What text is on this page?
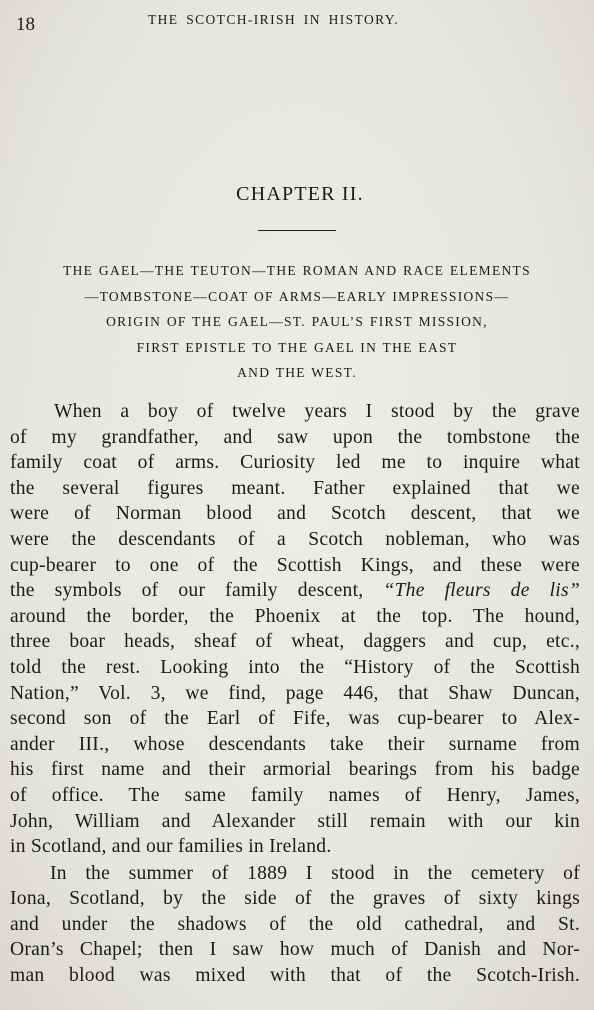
18	THE SCOTCH-IRISH IN HISTORY.
CHAPTER II.
THE GAEL—THE TEUTON—THE ROMAN AND RACE ELEMENTS
—TOMBSTONE—COAT OF ARMS—EARLY IMPRESSIONS—
ORIGIN OF THE GAEL—ST. PAUL’S FIRST MISSION,
FIRST EPISTLE TO THE GAEL IN THE EAST
AND THE WEST.
When a boy of twelve years I stood by the grave
of my grandfather, and saw upon the tombstone the
family coat of arms. Curiosity led me to inquire what
the several figures meant. Father explained that we
were of Norman blood and Scotch descent, that we
were the descendants of a Scotch nobleman, who was
cup-bearer to one of the Scottish Kings, and these were
the symbols of our family descent, “The fleurs de lis”
around the border, the Phoenix at the top. The hound,
three boar heads, sheaf of wheat, daggers and cup, etc.,
told the rest. Looking into the “History of the Scottish
Nation,” Vol. 3, we find, page 446, that Shaw Duncan,
second son of the Earl of Fife, was cup-bearer to Alex-
ander III., whose descendants take their surname from
his first name and their armorial bearings from his badge
of office. The same family names of Henry, James,
John, William and Alexander still remain with our kin
in Scotland, and our families in Ireland.
In the summer of 1889 I stood in the cemetery of
Iona, Scotland, by the side of the graves of sixty kings
and under the shadows of the old cathedral, and St.
Oran’s Chapel; then I saw how much of Danish and Nor-
man blood was mixed with that of the Scotch-Irish.
